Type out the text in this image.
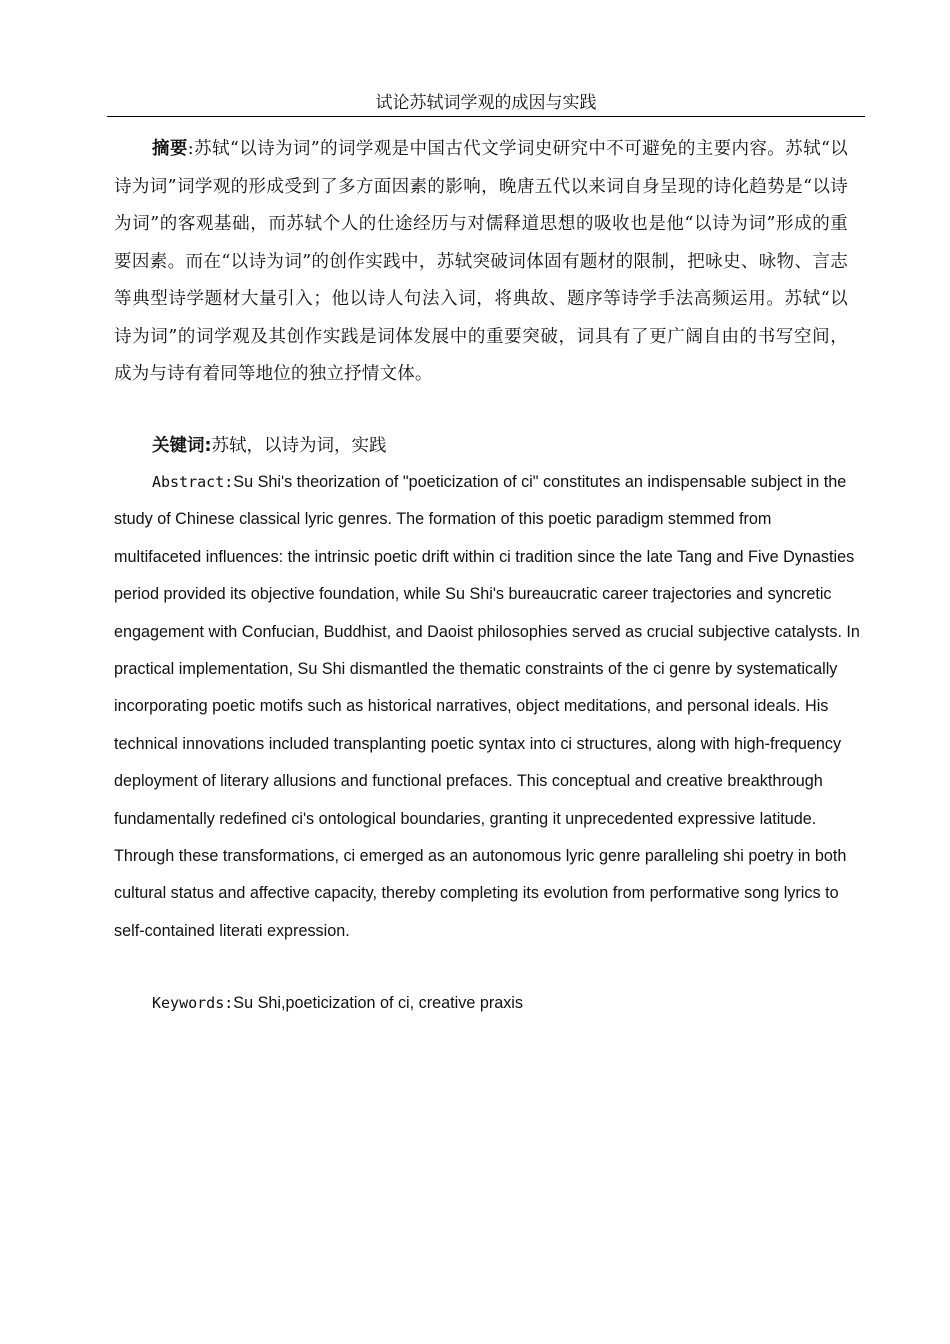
试论苏轼词学观的成因与实践

摘要:苏轼“以诗为词”的词学观是中国古代文学词史研究中不可避免的主要内容。苏轼“以诗为词”词学观的形成受到了多方面因素的影响，晚唐五代以来词自身呈现的诗化趋势是“以诗为词”的客观基础，而苏轼个人的仕途经历与对儒释道思想的吸收也是他“以诗为词”形成的重要因素。而在“以诗为词”的创作实践中，苏轼突破词体固有题材的限制，把咏史、咏物、言志等典型诗学题材大量引入；他以诗人句法入词，将典故、题序等诗学手法高频运用。苏轼“以诗为词”的词学观及其创作实践是词体发展中的重要突破，词具有了更广阔自由的书写空间，成为与诗有着同等地位的独立抒情文体。

关键词:苏轼，以诗为词，实践

Abstract:Su Shi's theorization of "poeticization of ci" constitutes an indispensable subject in the study of Chinese classical lyric genres. The formation of this poetic paradigm stemmed from multifaceted influences: the intrinsic poetic drift within ci tradition since the late Tang and Five Dynasties period provided its objective foundation, while Su Shi's bureaucratic career trajectories and syncretic engagement with Confucian, Buddhist, and Daoist philosophies served as crucial subjective catalysts. In practical implementation, Su Shi dismantled the thematic constraints of the ci genre by systematically incorporating poetic motifs such as historical narratives, object meditations, and personal ideals. His technical innovations included transplanting poetic syntax into ci structures, along with high-frequency deployment of literary allusions and functional prefaces. This conceptual and creative breakthrough fundamentally redefined ci's ontological boundaries, granting it unprecedented expressive latitude. Through these transformations, ci emerged as an autonomous lyric genre paralleling shi poetry in both cultural status and affective capacity, thereby completing its evolution from performative song lyrics to self-contained literati expression.

Keywords:Su Shi,poeticization of ci, creative praxis
